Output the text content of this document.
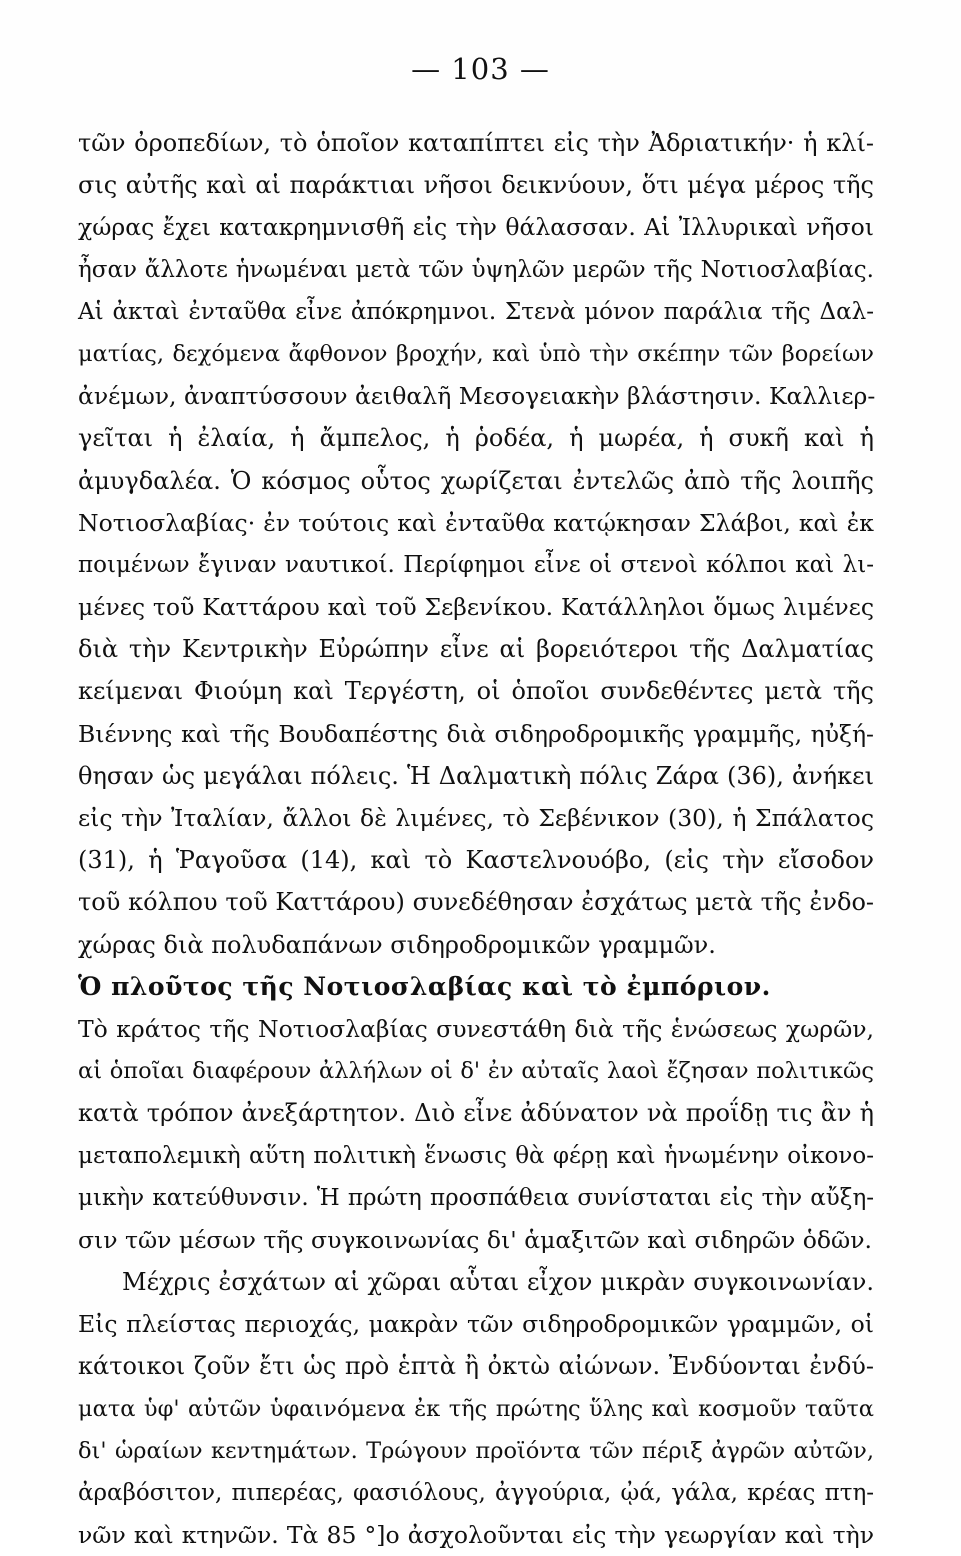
— 103 —
τῶν ὀροπεδίων, τὸ ὁποῖον καταπίπτει εἰς τὴν Ἀδριατικήν· ἡ κλί-
σις αὐτῆς καὶ αἱ παράκτιαι νῆσοι δεικνύουν, ὅτι μέγα μέρος τῆς
χώρας ἔχει κατακρημνισθῆ εἰς τὴν θάλασσαν. Αἱ Ἰλλυρικαὶ νῆσοι
ἦσαν ἄλλοτε ἡνωμέναι μετὰ τῶν ὑψηλῶν μερῶν τῆς Νοτιοσλαβίας.
Αἱ ἀκταὶ ἐνταῦθα εἶνε ἀπόκρημνοι. Στενὰ μόνον παράλια τῆς Δαλ-
ματίας, δεχόμενα ἄφθονον βροχήν, καὶ ὑπὸ τὴν σκέπην τῶν βορείων
ἀνέμων, ἀναπτύσσουν ἀειθαλῆ Μεσογειακὴν βλάστησιν. Καλλιερ-
γεῖται ἡ ἐλαία, ἡ ἄμπελος, ἡ ῥοδέα, ἡ μωρέα, ἡ συκῆ καὶ ἡ
ἀμυγδαλέα. Ὁ κόσμος οὗτος χωρίζεται ἐντελῶς ἀπὸ τῆς λοιπῆς
Νοτιοσλαβίας· ἐν τούτοις καὶ ἐνταῦθα κατῴκησαν Σλάβοι, καὶ ἐκ
ποιμένων ἔγιναν ναυτικοί. Περίφημοι εἶνε οἱ στενοὶ κόλποι καὶ λι-
μένες τοῦ Καττάρου καὶ τοῦ Σεβενίκου. Κατάλληλοι ὅμως λιμένες
διὰ τὴν Κεντρικὴν Εὐρώπην εἶνε αἱ βορειότεροι τῆς Δαλματίας
κείμεναι Φιούμη καὶ Τεργέστη, οἱ ὁποῖοι συνδεθέντες μετὰ τῆς
Βιέννης καὶ τῆς Βουδαπέστης διὰ σιδηροδρομικῆς γραμμῆς, ηὐξή-
θησαν ὡς μεγάλαι πόλεις. Ἡ Δαλματικὴ πόλις Ζάρα (36), ἀνήκει
εἰς τὴν Ἰταλίαν, ἄλλοι δὲ λιμένες, τὸ Σεβένικον (30), ἡ Σπάλατος
(31), ἡ Ῥαγοῦσα (14), καὶ τὸ Καστελνουόβο, (εἰς τὴν εἴσοδον
τοῦ κόλπου τοῦ Καττάρου) συνεδέθησαν ἐσχάτως μετὰ τῆς ἐνδο-
χώρας διὰ πολυδαπάνων σιδηροδρομικῶν γραμμῶν.
Ὁ πλοῦτος τῆς Νοτιοσλαβίας καὶ τὸ ἐμπόριον.
Τὸ κράτος τῆς Νοτιοσλαβίας συνεστάθη διὰ τῆς ἑνώσεως χωρῶν,
αἱ ὁποῖαι διαφέρουν ἀλλήλων οἱ δ' ἐν αὐταῖς λαοὶ ἔζησαν πολιτικῶς
κατὰ τρόπον ἀνεξάρτητον. Διὸ εἶνε ἀδύνατον νὰ προΐδῃ τις ἂν ἡ
μεταπολεμικὴ αὕτη πολιτικὴ ἕνωσις θὰ φέρῃ καὶ ἡνωμένην οἰκονο-
μικὴν κατεύθυνσιν. Ἡ πρώτη προσπάθεια συνίσταται εἰς τὴν αὔξη-
σιν τῶν μέσων τῆς συγκοινωνίας δι' ἁμαξιτῶν καὶ σιδηρῶν ὁδῶν.
Μέχρις ἐσχάτων αἱ χῶραι αὗται εἶχον μικρὰν συγκοινωνίαν.
Εἰς πλείστας περιοχάς, μακρὰν τῶν σιδηροδρομικῶν γραμμῶν, οἱ
κάτοικοι ζοῦν ἔτι ὡς πρὸ ἑπτὰ ἢ ὀκτὼ αἰώνων. Ἐνδύονται ἐνδύ-
ματα ὑφ' αὐτῶν ὑφαινόμενα ἐκ τῆς πρώτης ὕλης καὶ κοσμοῦν ταῦτα
δι' ὡραίων κεντημάτων. Τρώγουν προϊόντα τῶν πέριξ ἀγρῶν αὐτῶν,
ἀραβόσιτον, πιπερέας, φασιόλους, ἀγγούρια, ᾠά, γάλα, κρέας πτη-
νῶν καὶ κτηνῶν. Τὰ 85 °]ο ἀσχολοῦνται εἰς τὴν γεωργίαν καὶ τὴν
